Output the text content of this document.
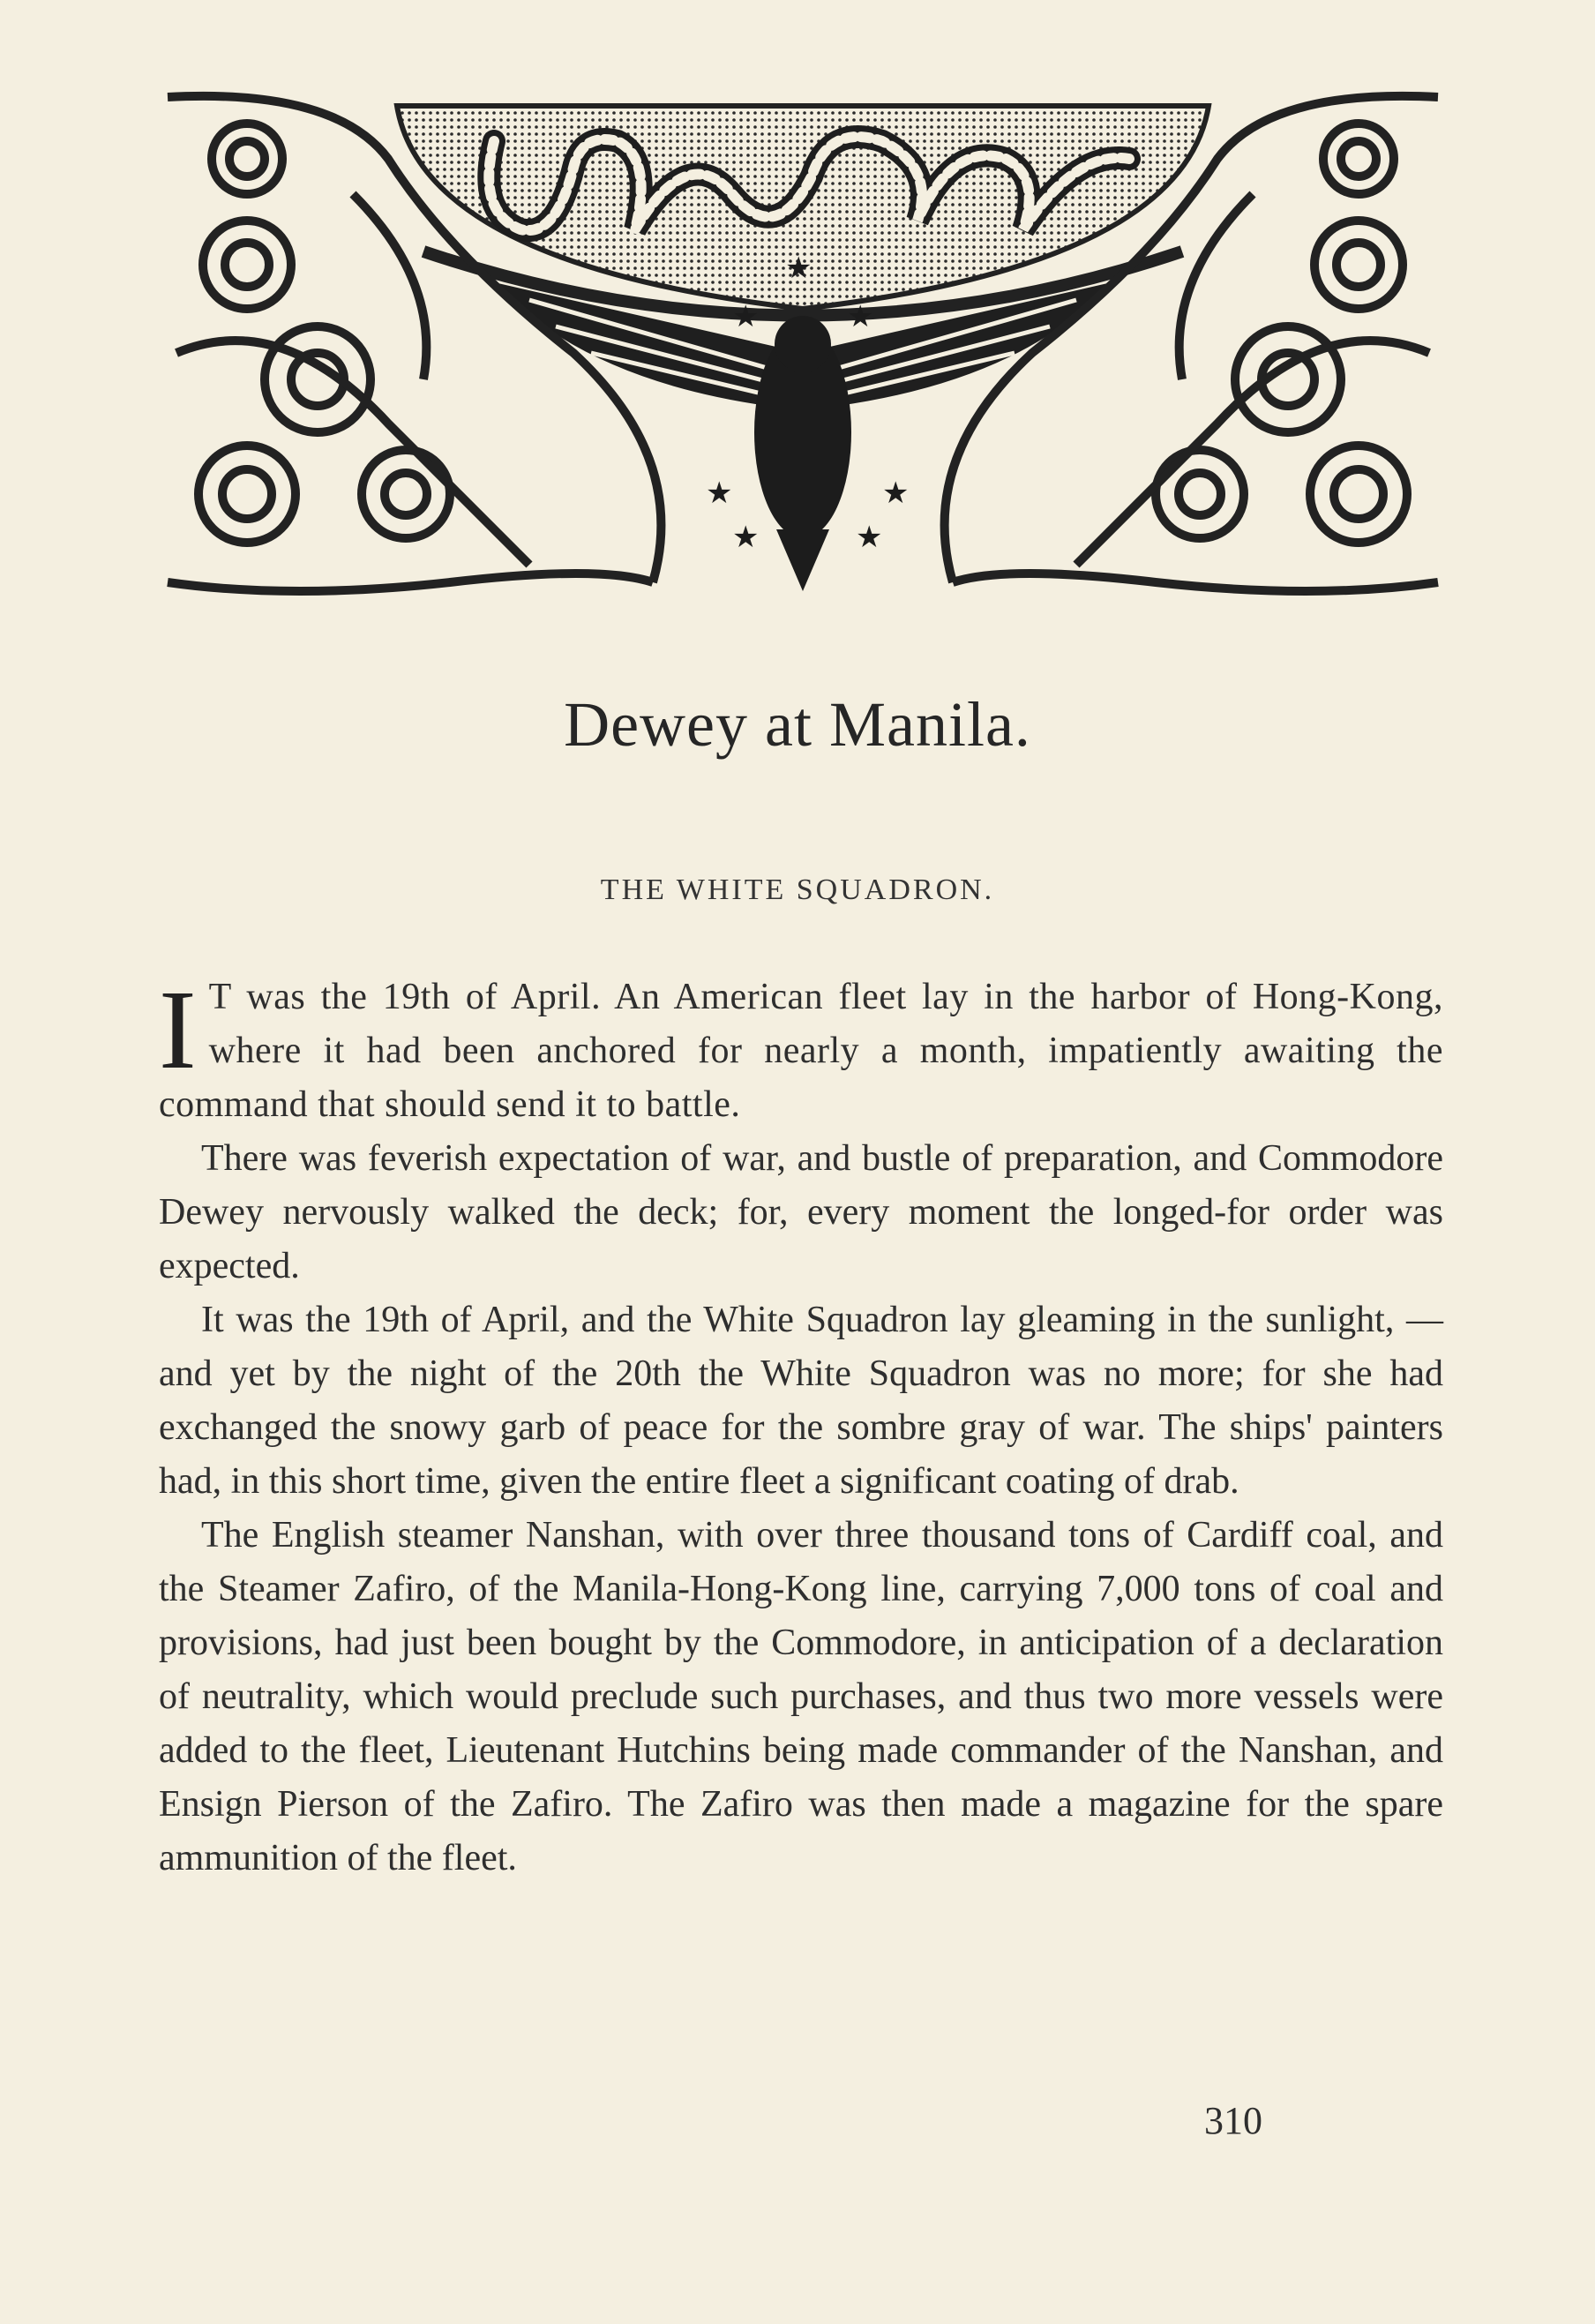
★	★
★
★	★
★	★
Dewey at Manila.
THE WHITE SQUADRON.

I T was the 19th of April. An American fleet lay in the harbor of Hong-Kong, where it had been anchored for nearly a month, impatiently awaiting the command that should send it to battle.

There was feverish expectation of war, and bustle of preparation, and Commodore Dewey nervously walked the deck; for, every moment the longed-for order was expected.

It was the 19th of April, and the White Squadron lay gleaming in the sunlight, — and yet by the night of the 20th the White Squadron was no more; for she had exchanged the snowy garb of peace for the sombre gray of war. The ships' painters had, in this short time, given the entire fleet a significant coating of drab.

The English steamer Nanshan, with over three thousand tons of Cardiff coal, and the Steamer Zafiro, of the Manila-Hong-Kong line, carrying 7,000 tons of coal and provisions, had just been bought by the Commodore, in anticipation of a declaration of neutrality, which would preclude such purchases, and thus two more vessels were added to the fleet, Lieutenant Hutchins being made commander of the Nanshan, and Ensign Pierson of the Zafiro. The Zafiro was then made a magazine for the spare ammunition of the fleet.

310
